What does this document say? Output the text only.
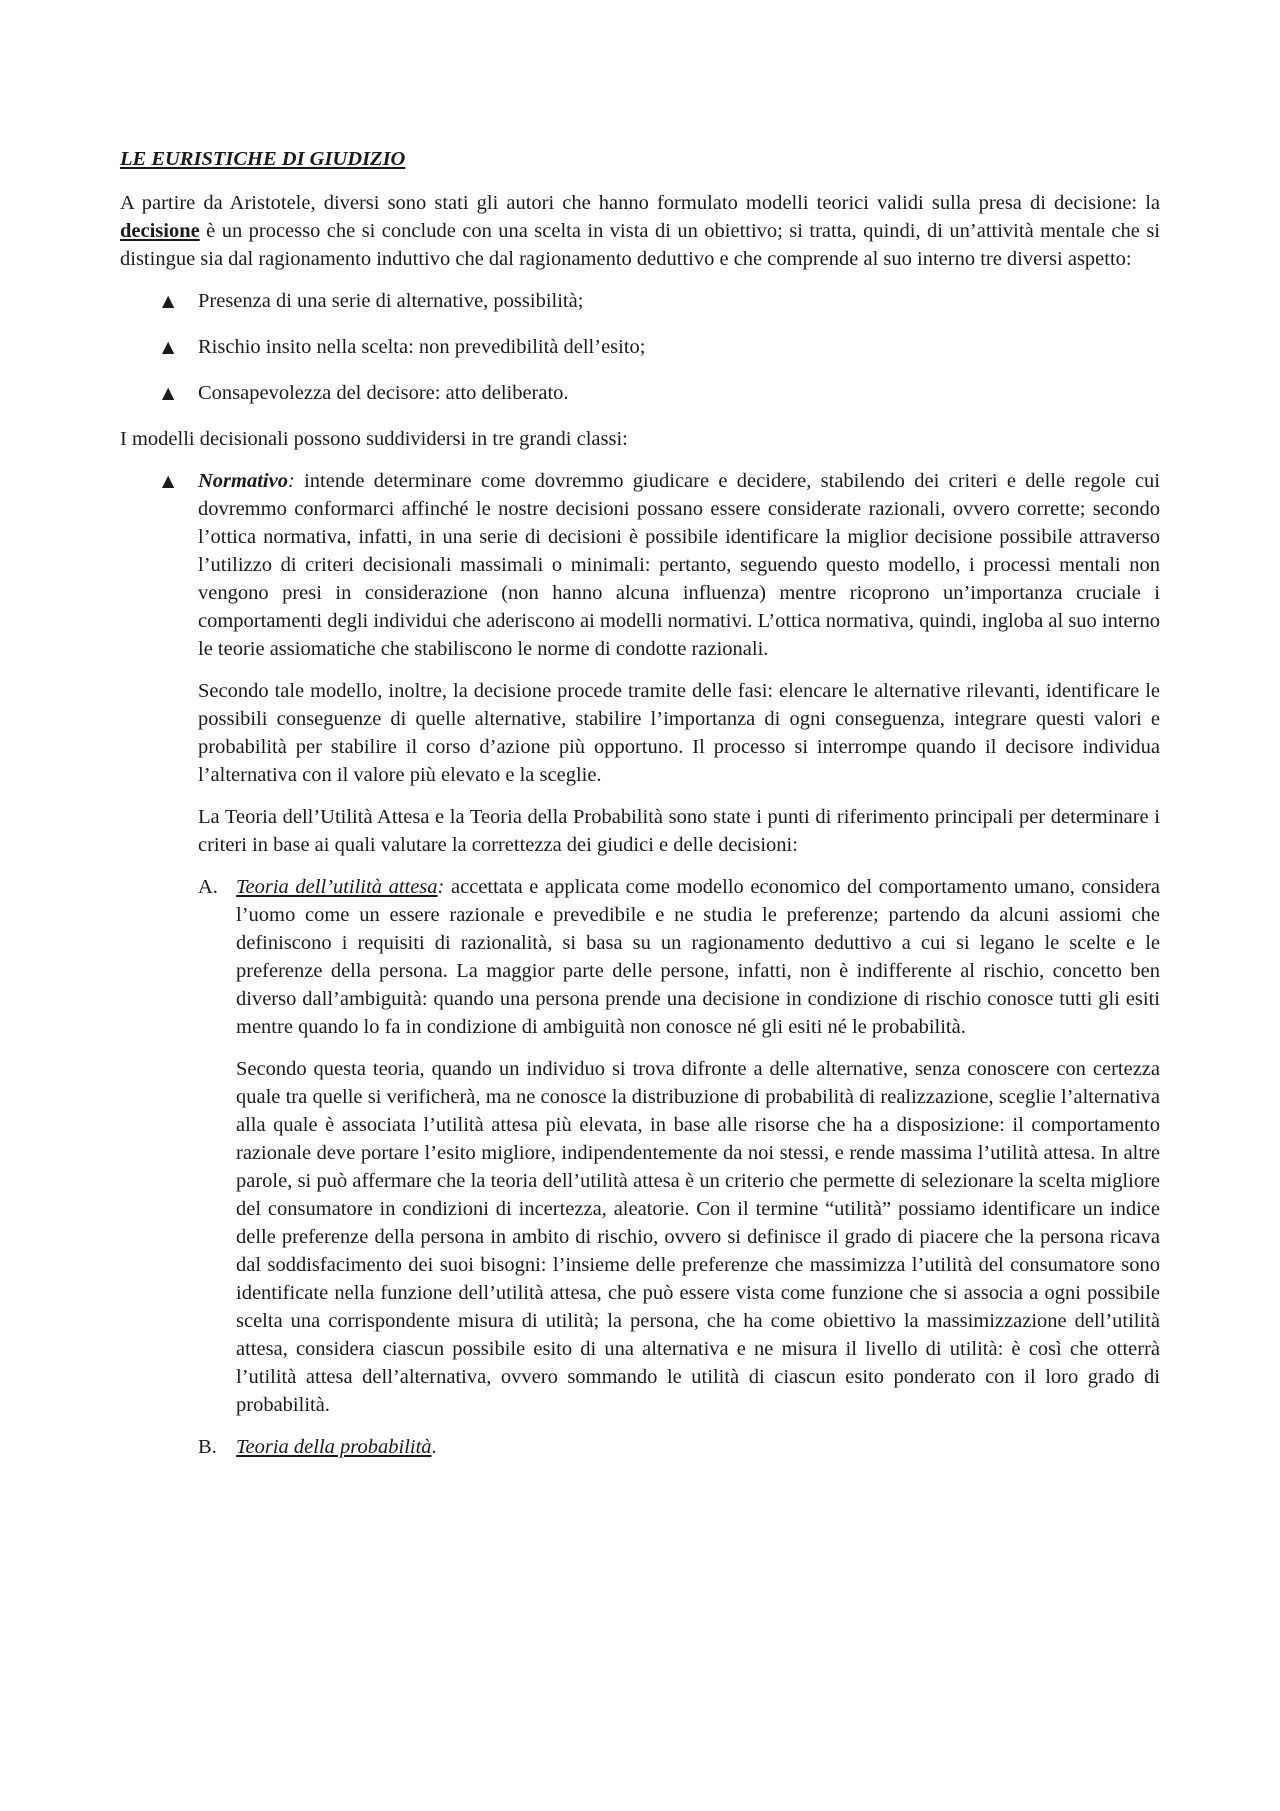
LE EURISTICHE DI GIUDIZIO

A partire da Aristotele, diversi sono stati gli autori che hanno formulato modelli teorici validi sulla presa di decisione: la decisione è un processo che si conclude con una scelta in vista di un obiettivo; si tratta, quindi, di un’attività mentale che si distingue sia dal ragionamento induttivo che dal ragionamento deduttivo e che comprende al suo interno tre diversi aspetto:

▲ Presenza di una serie di alternative, possibilità;
▲ Rischio insito nella scelta: non prevedibilità dell’esito;
▲ Consapevolezza del decisore: atto deliberato.

I modelli decisionali possono suddividersi in tre grandi classi:

▲ Normativo: intende determinare come dovremmo giudicare e decidere, stabilendo dei criteri e delle regole cui dovremmo conformarci affinché le nostre decisioni possano essere considerate razionali, ovvero corrette; secondo l’ottica normativa, infatti, in una serie di decisioni è possibile identificare la miglior decisione possibile attraverso l’utilizzo di criteri decisionali massimali o minimali: pertanto, seguendo questo modello, i processi mentali non vengono presi in considerazione (non hanno alcuna influenza) mentre ricoprono un’importanza cruciale i comportamenti degli individui che aderiscono ai modelli normativi. L’ottica normativa, quindi, ingloba al suo interno le teorie assiomatiche che stabiliscono le norme di condotte razionali.

Secondo tale modello, inoltre, la decisione procede tramite delle fasi: elencare le alternative rilevanti, identificare le possibili conseguenze di quelle alternative, stabilire l’importanza di ogni conseguenza, integrare questi valori e probabilità per stabilire il corso d’azione più opportuno. Il processo si interrompe quando il decisore individua l’alternativa con il valore più elevato e la sceglie.

La Teoria dell’Utilità Attesa e la Teoria della Probabilità sono state i punti di riferimento principali per determinare i criteri in base ai quali valutare la correttezza dei giudici e delle decisioni:

A. Teoria dell’utilità attesa: accettata e applicata come modello economico del comportamento umano, considera l’uomo come un essere razionale e prevedibile e ne studia le preferenze; partendo da alcuni assiomi che definiscono i requisiti di razionalità, si basa su un ragionamento deduttivo a cui si legano le scelte e le preferenze della persona. La maggior parte delle persone, infatti, non è indifferente al rischio, concetto ben diverso dall’ambiguità: quando una persona prende una decisione in condizione di rischio conosce tutti gli esiti mentre quando lo fa in condizione di ambiguità non conosce né gli esiti né le probabilità.

Secondo questa teoria, quando un individuo si trova difronte a delle alternative, senza conoscere con certezza quale tra quelle si verificherà, ma ne conosce la distribuzione di probabilità di realizzazione, sceglie l’alternativa alla quale è associata l’utilità attesa più elevata, in base alle risorse che ha a disposizione: il comportamento razionale deve portare l’esito migliore, indipendentemente da noi stessi, e rende massima l’utilità attesa. In altre parole, si può affermare che la teoria dell’utilità attesa è un criterio che permette di selezionare la scelta migliore del consumatore in condizioni di incertezza, aleatorie. Con il termine “utilità” possiamo identificare un indice delle preferenze della persona in ambito di rischio, ovvero si definisce il grado di piacere che la persona ricava dal soddisfacimento dei suoi bisogni: l’insieme delle preferenze che massimizza l’utilità del consumatore sono identificate nella funzione dell’utilità attesa, che può essere vista come funzione che si associa a ogni possibile scelta una corrispondente misura di utilità; la persona, che ha come obiettivo la massimizzazione dell’utilità attesa, considera ciascun possibile esito di una alternativa e ne misura il livello di utilità: è così che otterrà l’utilità attesa dell’alternativa, ovvero sommando le utilità di ciascun esito ponderato con il loro grado di probabilità.

B. Teoria della probabilità.
